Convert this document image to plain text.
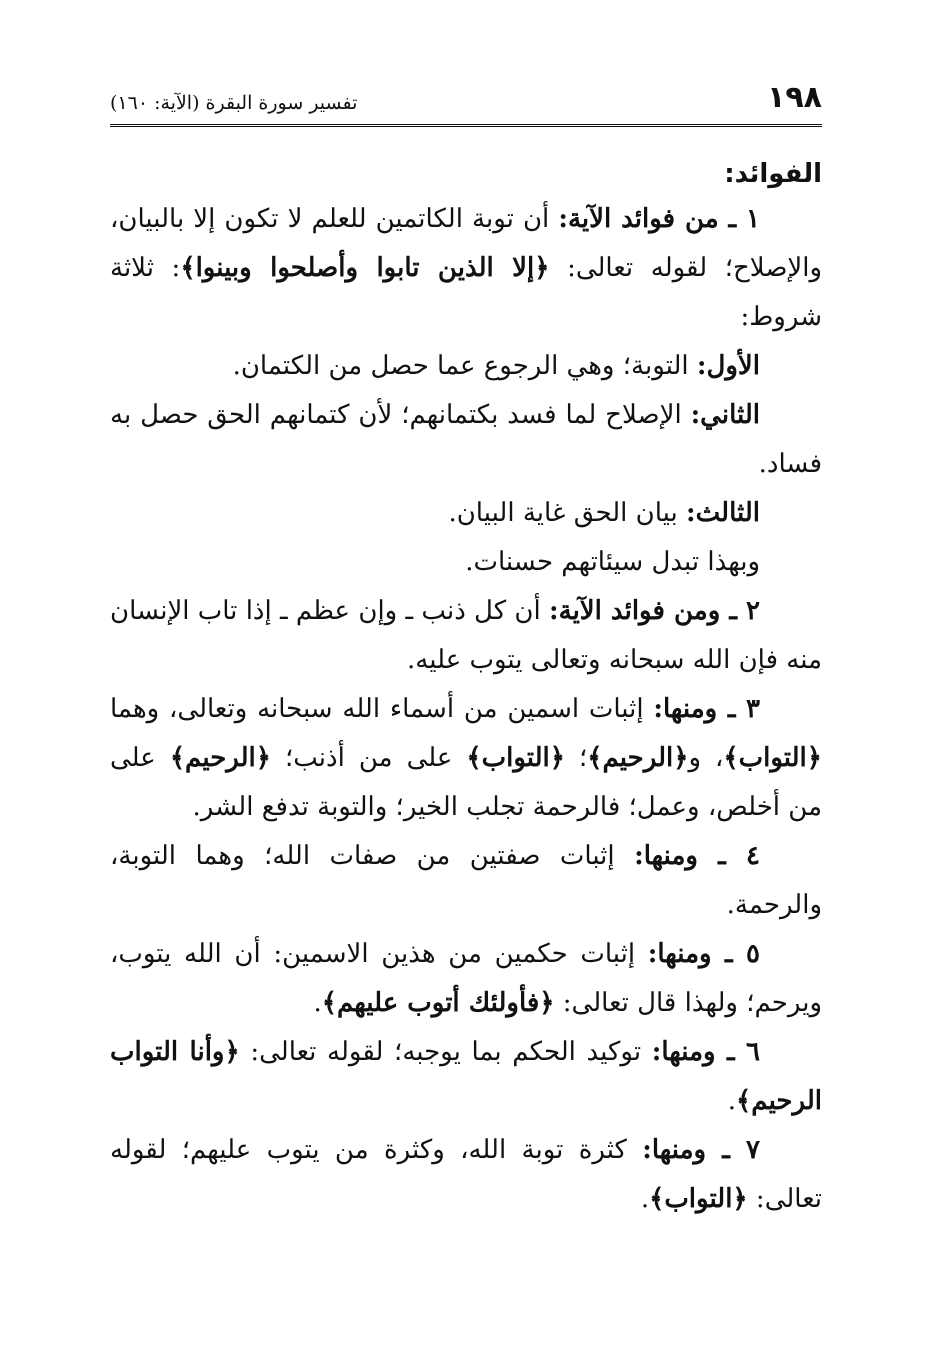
١٩٨
تفسير سورة البقرة (الآية: ١٦٠)
الفوائد:

١ ـ من فوائد الآية: أن توبة الكاتمين للعلم لا تكون إلا بالبيان، والإصلاح؛ لقوله تعالى: ﴿إلا الذين تابوا وأصلحوا وبينوا﴾: ثلاثة شروط:

الأول: التوبة؛ وهي الرجوع عما حصل من الكتمان.

الثاني: الإصلاح لما فسد بكتمانهم؛ لأن كتمانهم الحق حصل به فساد.

الثالث: بيان الحق غاية البيان.

وبهذا تبدل سيئاتهم حسنات.

٢ ـ ومن فوائد الآية: أن كل ذنب ـ وإن عظم ـ إذا تاب الإنسان منه فإن الله سبحانه وتعالى يتوب عليه.

٣ ـ ومنها: إثبات اسمين من أسماء الله سبحانه وتعالى، وهما ﴿التواب﴾، و﴿الرحيم﴾؛ ﴿التواب﴾ على من أذنب؛ ﴿الرحيم﴾ على من أخلص، وعمل؛ فالرحمة تجلب الخير؛ والتوبة تدفع الشر.

٤ ـ ومنها: إثبات صفتين من صفات الله؛ وهما التوبة، والرحمة.

٥ ـ ومنها: إثبات حكمين من هذين الاسمين: أن الله يتوب، ويرحم؛ ولهذا قال تعالى: ﴿فأولئك أتوب عليهم﴾.

٦ ـ ومنها: توكيد الحكم بما يوجبه؛ لقوله تعالى: ﴿وأنا التواب الرحيم﴾.

٧ ـ ومنها: كثرة توبة الله، وكثرة من يتوب عليهم؛ لقوله تعالى: ﴿التواب﴾.
